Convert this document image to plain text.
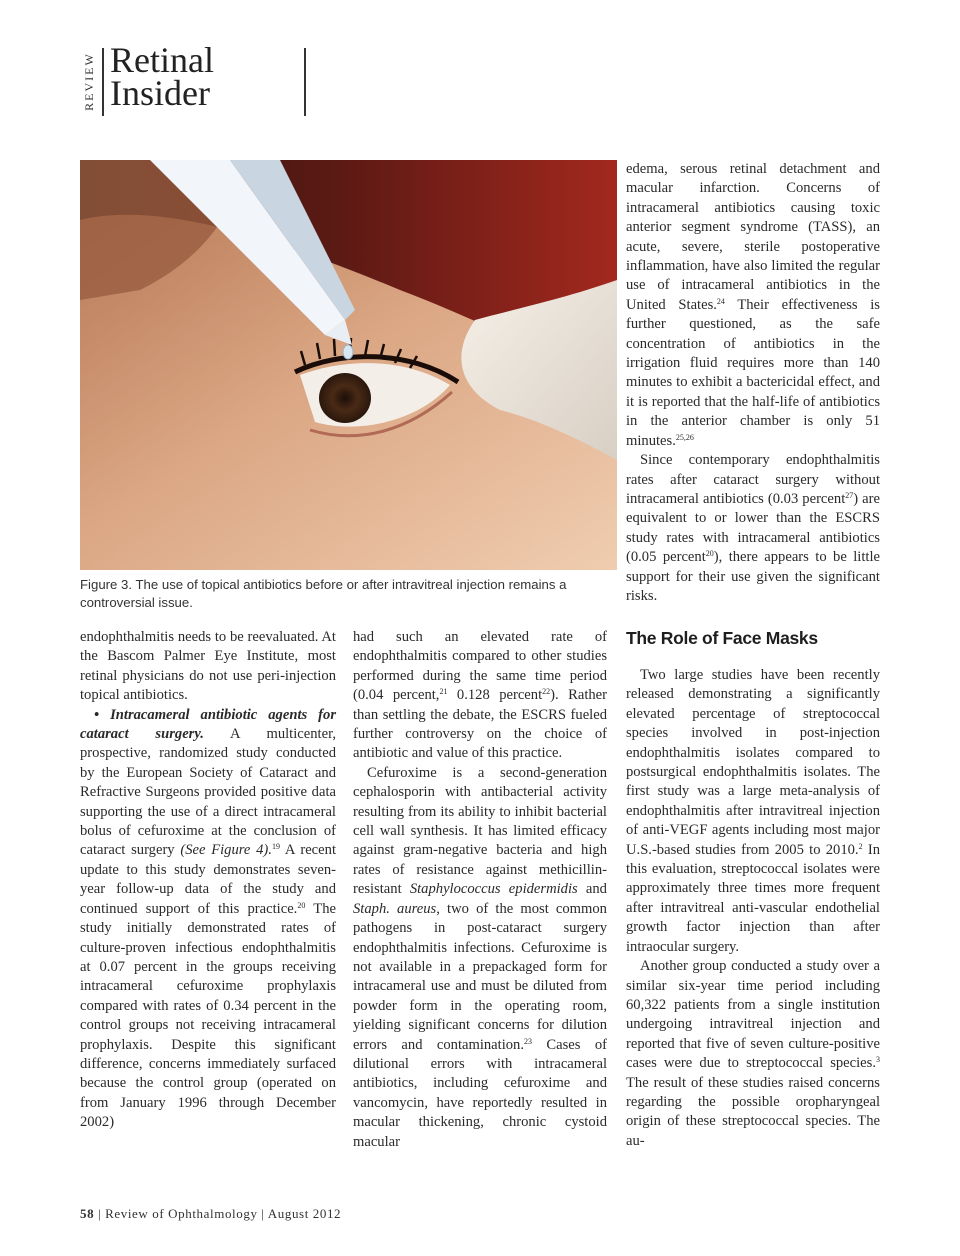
REVIEW Retinal
Insider
Figure 3. The use of topical antibiotics before or after intravitreal injection remains a controversial issue.

endophthalmitis needs to be reevaluated. At the Bascom Palmer Eye Institute, most retinal physicians do not use peri-injection topical antibiotics.

• Intracameral antibiotic agents for cataract surgery. A multicenter, prospective, randomized study conducted by the European Society of Cataract and Refractive Surgeons provided positive data supporting the use of a direct intracameral bolus of cefuroxime at the conclusion of cataract surgery (See Figure 4).$^{19}$ A recent update to this study demonstrates seven-year follow-up data of the study and continued support of this practice.$^{20}$ The study initially demonstrated rates of culture-proven infectious endophthalmitis at 0.07 percent in the groups receiving intracameral cefuroxime prophylaxis compared with rates of 0.34 percent in the control groups not receiving intracameral prophylaxis. Despite this significant difference, concerns immediately surfaced because the control group (operated on from January 1996 through December 2002)

had such an elevated rate of endophthalmitis compared to other studies performed during the same time period (0.04 percent,$^{21}$ 0.128 percent$^{22}$). Rather than settling the debate, the ESCRS fueled further controversy on the choice of antibiotic and value of this practice.

Cefuroxime is a second-generation cephalosporin with antibacterial activity resulting from its ability to inhibit bacterial cell wall synthesis. It has limited efficacy against gram-negative bacteria and high rates of resistance against methicillin-resistant Staphylococcus epidermidis and Staph. aureus, two of the most common pathogens in post-cataract surgery endophthalmitis infections. Cefuroxime is not available in a prepackaged form for intracameral use and must be diluted from powder form in the operating room, yielding significant concerns for dilution errors and contamination.$^{23}$ Cases of dilutional errors with intracameral antibiotics, including cefuroxime and vancomycin, have reportedly resulted in macular thickening, chronic cystoid macular

edema, serous retinal detachment and macular infarction. Concerns of intracameral antibiotics causing toxic anterior segment syndrome (TASS), an acute, severe, sterile postoperative inflammation, have also limited the regular use of intracameral antibiotics in the United States.$^{24}$ Their effectiveness is further questioned, as the safe concentration of antibiotics in the irrigation fluid requires more than 140 minutes to exhibit a bactericidal effect, and it is reported that the half-life of antibiotics in the anterior chamber is only 51 minutes.$^{25,26}$

Since contemporary endophthalmitis rates after cataract surgery without intracameral antibiotics (0.03 percent$^{27}$) are equivalent to or lower than the ESCRS study rates with intracameral antibiotics (0.05 percent$^{20}$), there appears to be little support for their use given the significant risks.

The Role of Face Masks

Two large studies have been recently released demonstrating a significantly elevated percentage of streptococcal species involved in post-injection endophthalmitis isolates compared to postsurgical endophthalmitis isolates. The first study was a large meta-analysis of endophthalmitis after intravitreal injection of anti-VEGF agents including most major U.S.-based studies from 2005 to 2010.$^2$ In this evaluation, streptococcal isolates were approximately three times more frequent after intravitreal anti-vascular endothelial growth factor injection than after intraocular surgery.

Another group conducted a study over a similar six-year time period including 60,322 patients from a single institution undergoing intravitreal injection and reported that five of seven culture-positive cases were due to streptococcal species.$^3$ The result of these studies raised concerns regarding the possible oropharyngeal origin of these streptococcal species. The au-

58 | Review of Ophthalmology | August 2012
